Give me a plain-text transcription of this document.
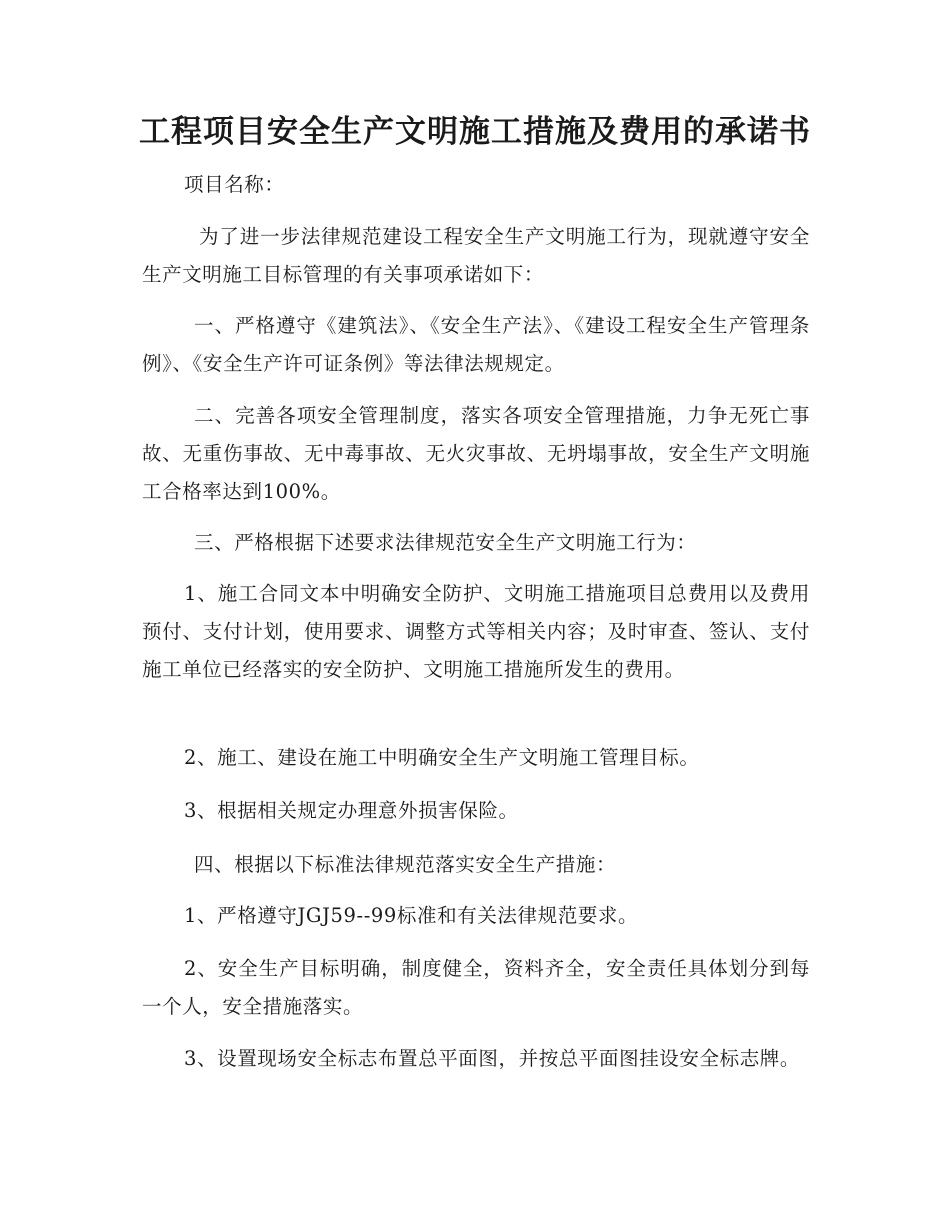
工程项目安全生产文明施工措施及费用的承诺书

项目名称：

为了进一步法律规范建设工程安全生产文明施工行为，现就遵守安全生产文明施工目标管理的有关事项承诺如下：

一、严格遵守《建筑法》、《安全生产法》、《建设工程安全生产管理条例》、《安全生产许可证条例》等法律法规规定。

二、完善各项安全管理制度，落实各项安全管理措施，力争无死亡事故、无重伤事故、无中毒事故、无火灾事故、无坍塌事故，安全生产文明施工合格率达到100%。

三、严格根据下述要求法律规范安全生产文明施工行为：

1、施工合同文本中明确安全防护、文明施工措施项目总费用以及费用预付、支付计划，使用要求、调整方式等相关内容；及时审查、签认、支付施工单位已经落实的安全防护、文明施工措施所发生的费用。

2、施工、建设在施工中明确安全生产文明施工管理目标。

3、根据相关规定办理意外损害保险。

四、根据以下标准法律规范落实安全生产措施：

1、严格遵守JGJ59--99标准和有关法律规范要求。

2、安全生产目标明确，制度健全，资料齐全，安全责任具体划分到每一个人，安全措施落实。

3、设置现场安全标志布置总平面图，并按总平面图挂设安全标志牌。
